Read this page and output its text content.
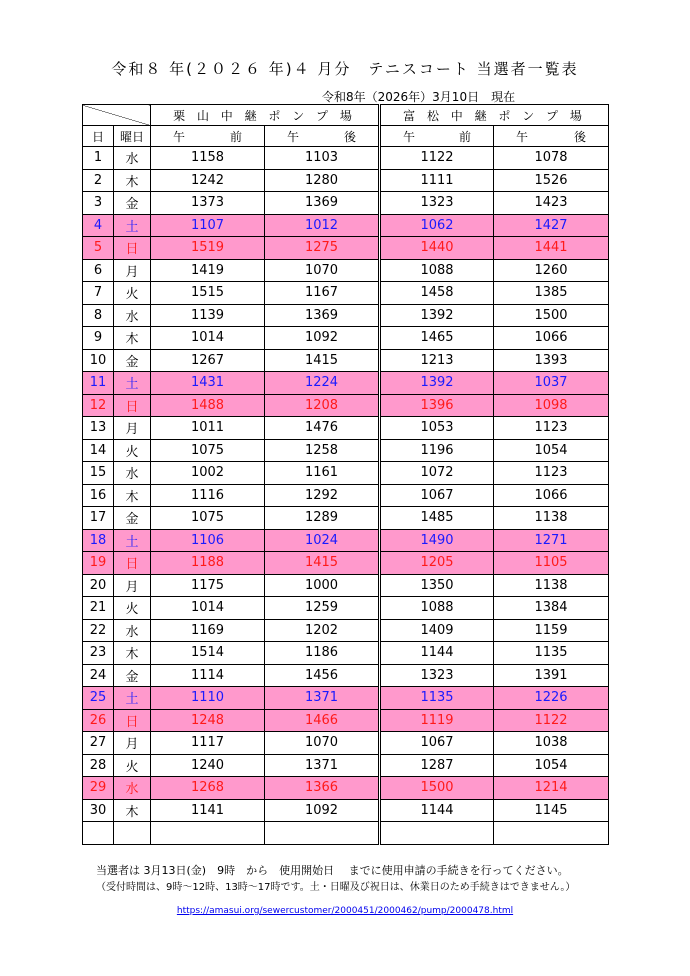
令和８ 年(２０２６ 年)４ 月分　テニスコート 当選者一覧表
令和8年（2026年）3月10日　現在
		栗 山 中 継 ポ ン プ 場		富 松 中 継 ポ ン プ 場	
日	曜日	午 前	午 後	午 前	午 後

1	水	1158	1103	1122	1078
2	木	1242	1280	1111	1526
3	金	1373	1369	1323	1423
4	土	1107	1012	1062	1427
5	日	1519	1275	1440	1441
6	月	1419	1070	1088	1260
7	火	1515	1167	1458	1385
8	水	1139	1369	1392	1500
9	木	1014	1092	1465	1066
10	金	1267	1415	1213	1393
11	土	1431	1224	1392	1037
12	日	1488	1208	1396	1098
13	月	1011	1476	1053	1123
14	火	1075	1258	1196	1054
15	水	1002	1161	1072	1123
16	木	1116	1292	1067	1066
17	金	1075	1289	1485	1138
18	土	1106	1024	1490	1271
19	日	1188	1415	1205	1105
20	月	1175	1000	1350	1138
21	火	1014	1259	1088	1384
22	水	1169	1202	1409	1159
23	木	1514	1186	1144	1135
24	金	1114	1456	1323	1391
25	土	1110	1371	1135	1226
26	日	1248	1466	1119	1122
27	月	1117	1070	1067	1038
28	火	1240	1371	1287	1054
29	水	1268	1366	1500	1214
30	木	1141	1092	1144	1145

当選者は 3月13日(金)　9時　から　使用開始日　 までに使用申請の手続きを行ってください。
（受付時間は、9時～12時、13時～17時です。土・日曜及び祝日は、休業日のため手続きはできません。）
https://amasui.org/sewercustomer/2000451/2000462/pump/2000478.html
